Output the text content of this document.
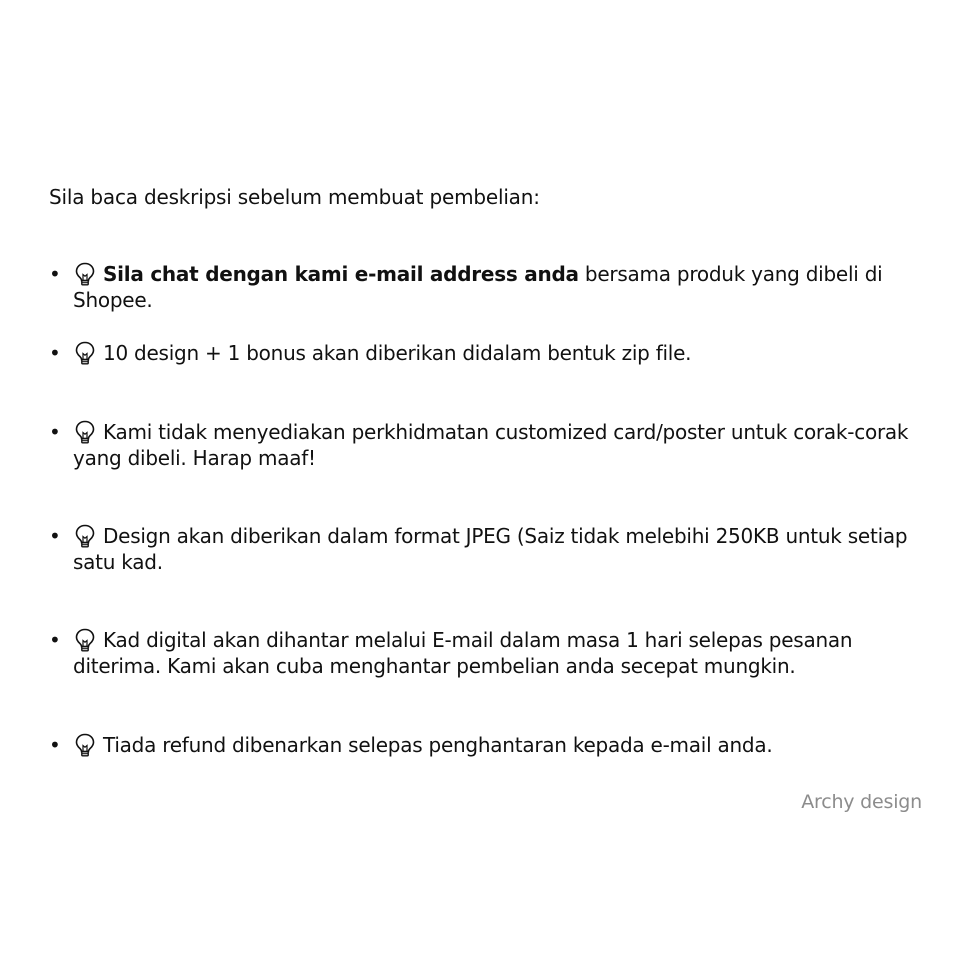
Sila baca deskripsi sebelum membuat pembelian:
•	Sila chat dengan kami e-mail address anda bersama produk yang dibeli di Shopee.
•	10 design + 1 bonus akan diberikan didalam bentuk zip file.
•	Kami tidak menyediakan perkhidmatan customized card/poster untuk corak-corak yang dibeli. Harap maaf!
•	Design akan diberikan dalam format JPEG (Saiz tidak melebihi 250KB untuk setiap satu kad.
•	Kad digital akan dihantar melalui E-mail dalam masa 1 hari selepas pesanan diterima. Kami akan cuba menghantar pembelian anda secepat mungkin.
•	Tiada refund dibenarkan selepas penghantaran kepada e-mail anda.
Archy design
